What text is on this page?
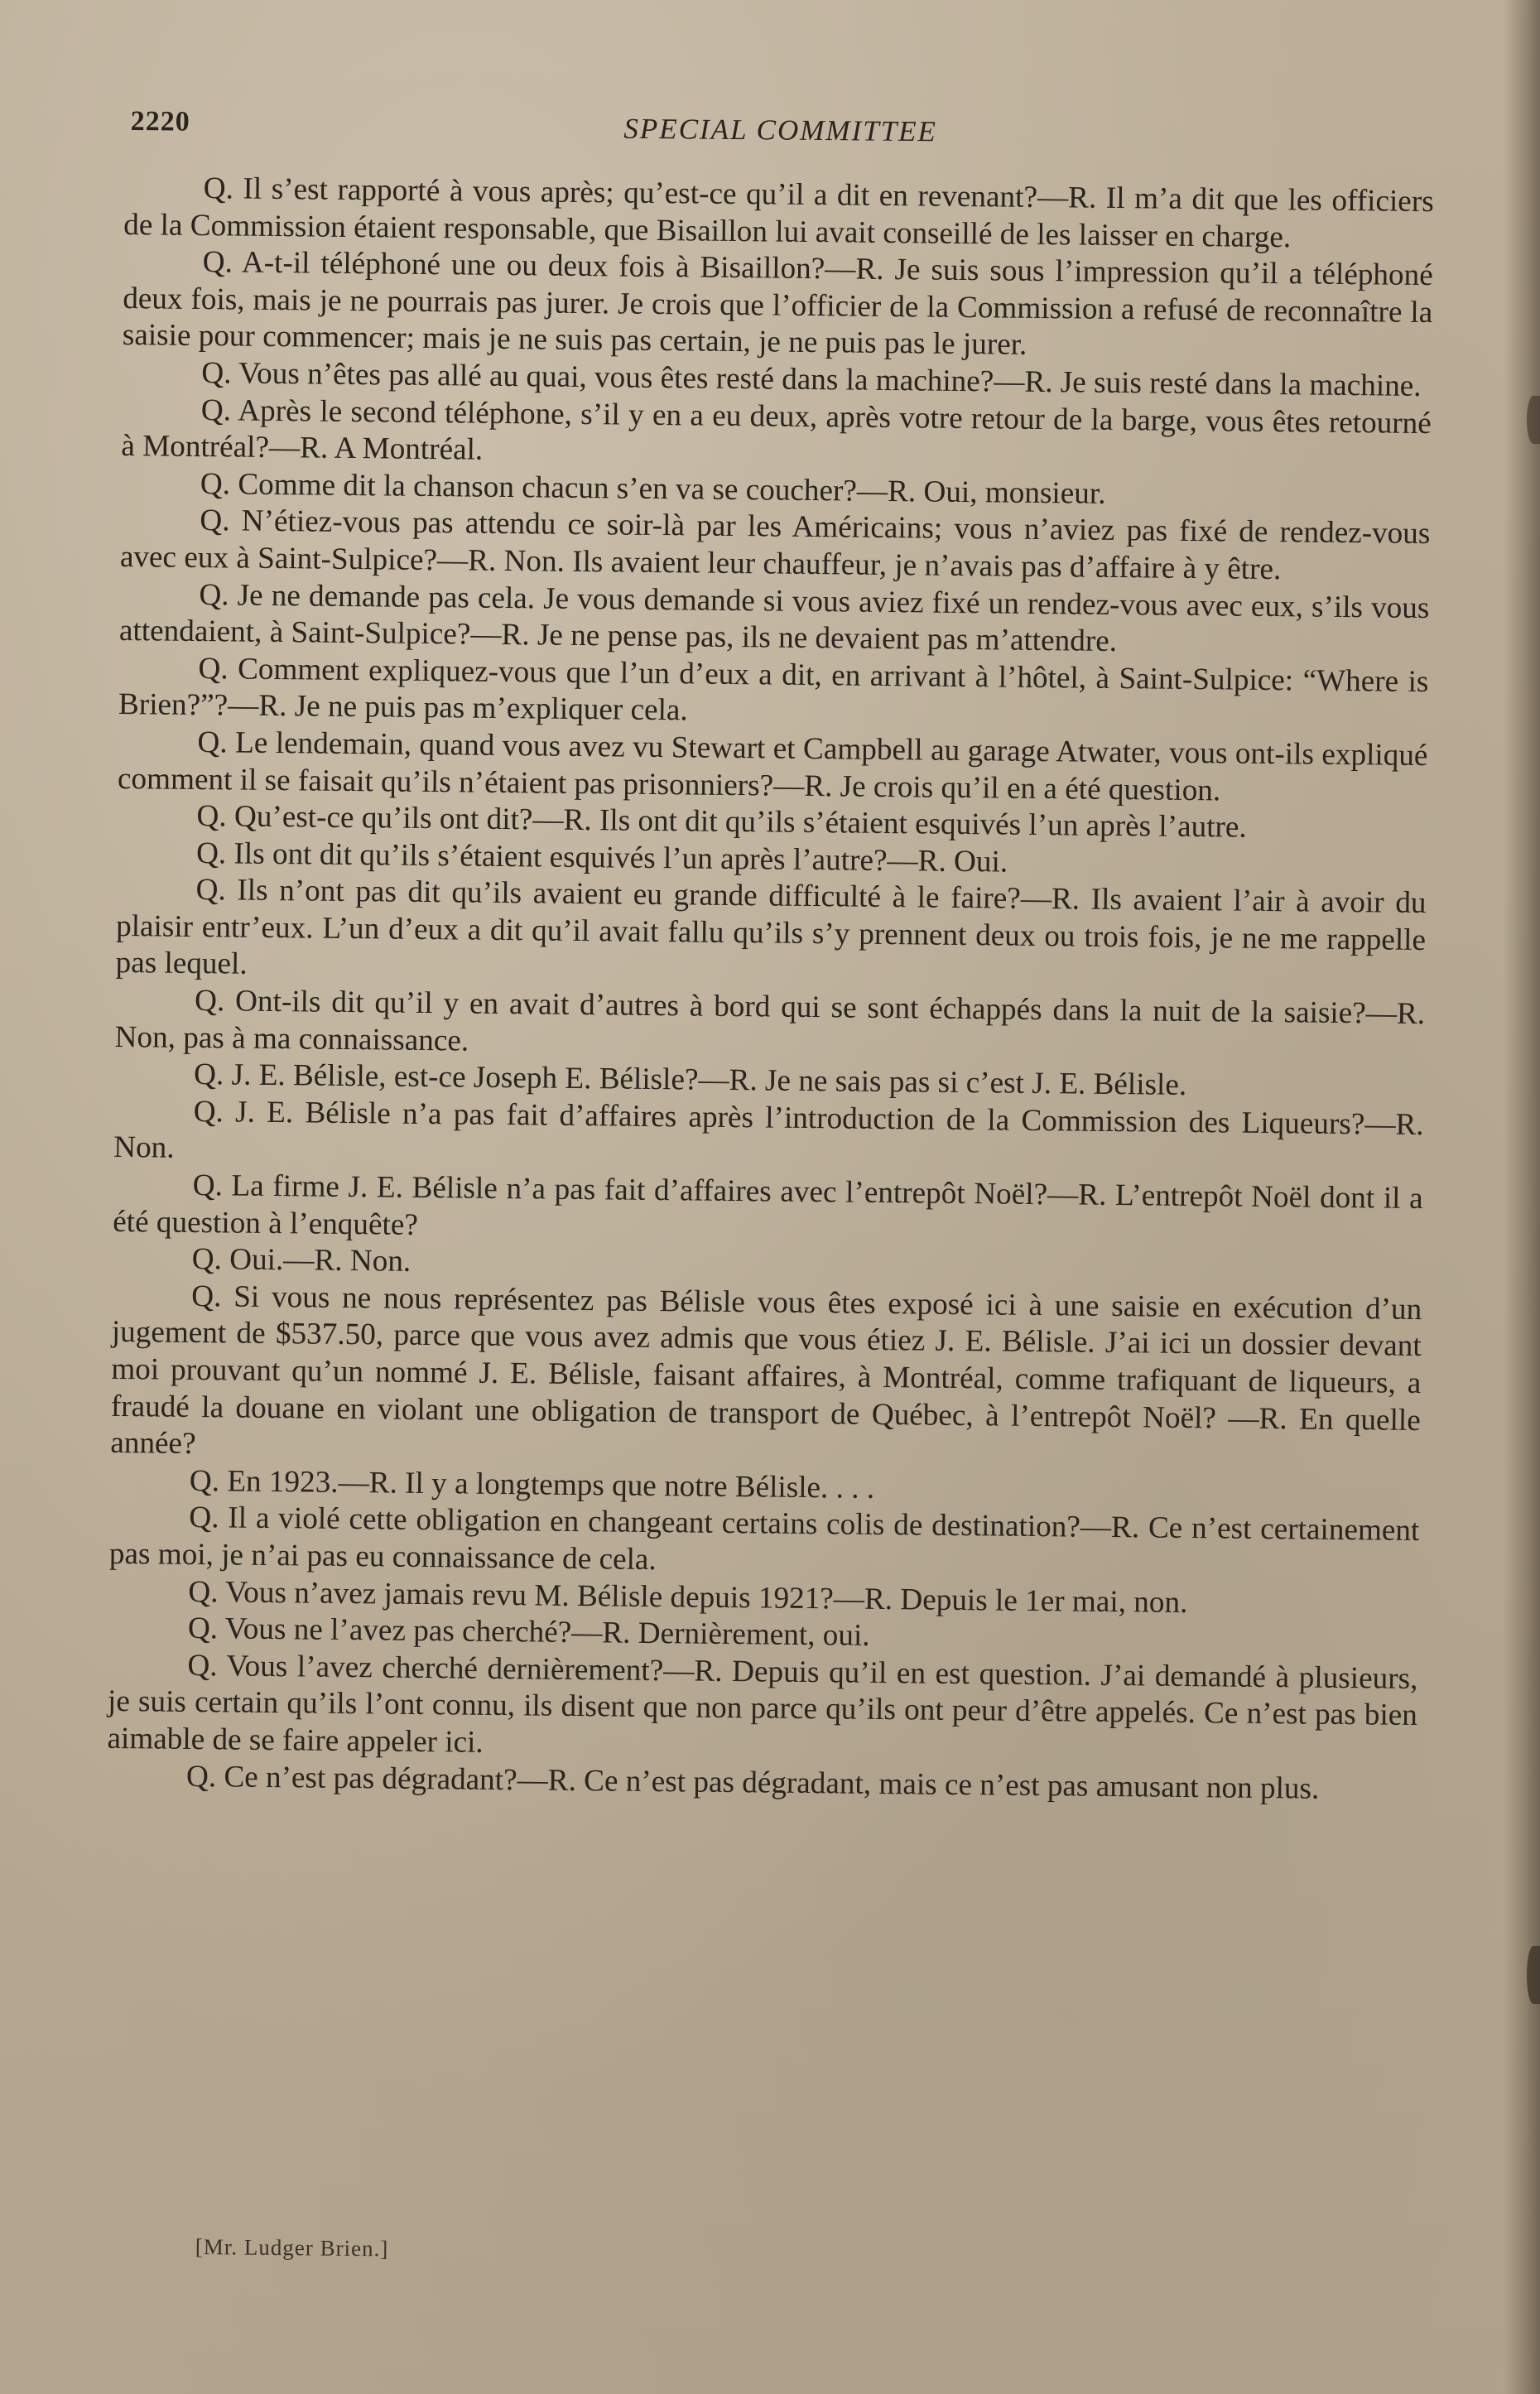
2220	SPECIAL COMMITTEE

Q. Il s’est rapporté à vous après; qu’est-ce qu’il a dit en revenant?—R. Il m’a dit que les officiers de la Commission étaient responsable, que Bisaillon lui avait conseillé de les laisser en charge.

Q. A-t-il téléphoné une ou deux fois à Bisaillon?—R. Je suis sous l’impression qu’il a téléphoné deux fois, mais je ne pourrais pas jurer. Je crois que l’officier de la Commission a refusé de reconnaître la saisie pour commencer; mais je ne suis pas certain, je ne puis pas le jurer.

Q. Vous n’êtes pas allé au quai, vous êtes resté dans la machine?—R. Je suis resté dans la machine.

Q. Après le second téléphone, s’il y en a eu deux, après votre retour de la barge, vous êtes retourné à Montréal?—R. A Montréal.

Q. Comme dit la chanson chacun s’en va se coucher?—R. Oui, monsieur.

Q. N’étiez-vous pas attendu ce soir-là par les Américains; vous n’aviez pas fixé de rendez-vous avec eux à Saint-Sulpice?—R. Non. Ils avaient leur chauffeur, je n’avais pas d’affaire à y être.

Q. Je ne demande pas cela. Je vous demande si vous aviez fixé un rendez-vous avec eux, s’ils vous attendaient, à Saint-Sulpice?—R. Je ne pense pas, ils ne devaient pas m’attendre.

Q. Comment expliquez-vous que l’un d’eux a dit, en arrivant à l’hôtel, à Saint-Sulpice: “Where is Brien?”?—R. Je ne puis pas m’expliquer cela.

Q. Le lendemain, quand vous avez vu Stewart et Campbell au garage Atwater, vous ont-ils expliqué comment il se faisait qu’ils n’étaient pas prisonniers?—R. Je crois qu’il en a été question.

Q. Qu’est-ce qu’ils ont dit?—R. Ils ont dit qu’ils s’étaient esquivés l’un après l’autre.

Q. Ils ont dit qu’ils s’étaient esquivés l’un après l’autre?—R. Oui.

Q. Ils n’ont pas dit qu’ils avaient eu grande difficulté à le faire?—R. Ils avaient l’air à avoir du plaisir entr’eux. L’un d’eux a dit qu’il avait fallu qu’ils s’y prennent deux ou trois fois, je ne me rappelle pas lequel.

Q. Ont-ils dit qu’il y en avait d’autres à bord qui se sont échappés dans la nuit de la saisie?—R. Non, pas à ma connaissance.

Q. J. E. Bélisle, est-ce Joseph E. Bélisle?—R. Je ne sais pas si c’est J. E. Bélisle.

Q. J. E. Bélisle n’a pas fait d’affaires après l’introduction de la Commission des Liqueurs?—R. Non.

Q. La firme J. E. Bélisle n’a pas fait d’affaires avec l’entrepôt Noël?—R. L’entrepôt Noël dont il a été question à l’enquête?

Q. Oui.—R. Non.

Q. Si vous ne nous représentez pas Bélisle vous êtes exposé ici à une saisie en exécution d’un jugement de $537.50, parce que vous avez admis que vous étiez J. E. Bélisle. J’ai ici un dossier devant moi prouvant qu’un nommé J. E. Bélisle, faisant affaires, à Montréal, comme trafiquant de liqueurs, a fraudé la douane en violant une obligation de transport de Québec, à l’entrepôt Noël? —R. En quelle année?

Q. En 1923.—R. Il y a longtemps que notre Bélisle. . . .

Q. Il a violé cette obligation en changeant certains colis de destination?—R. Ce n’est certainement pas moi, je n’ai pas eu connaissance de cela.

Q. Vous n’avez jamais revu M. Bélisle depuis 1921?—R. Depuis le 1er mai, non.

Q. Vous ne l’avez pas cherché?—R. Dernièrement, oui.

Q. Vous l’avez cherché dernièrement?—R. Depuis qu’il en est question. J’ai demandé à plusieurs, je suis certain qu’ils l’ont connu, ils disent que non parce qu’ils ont peur d’être appelés. Ce n’est pas bien aimable de se faire appeler ici.

Q. Ce n’est pas dégradant?—R. Ce n’est pas dégradant, mais ce n’est pas amusant non plus.

[Mr. Ludger Brien.]
